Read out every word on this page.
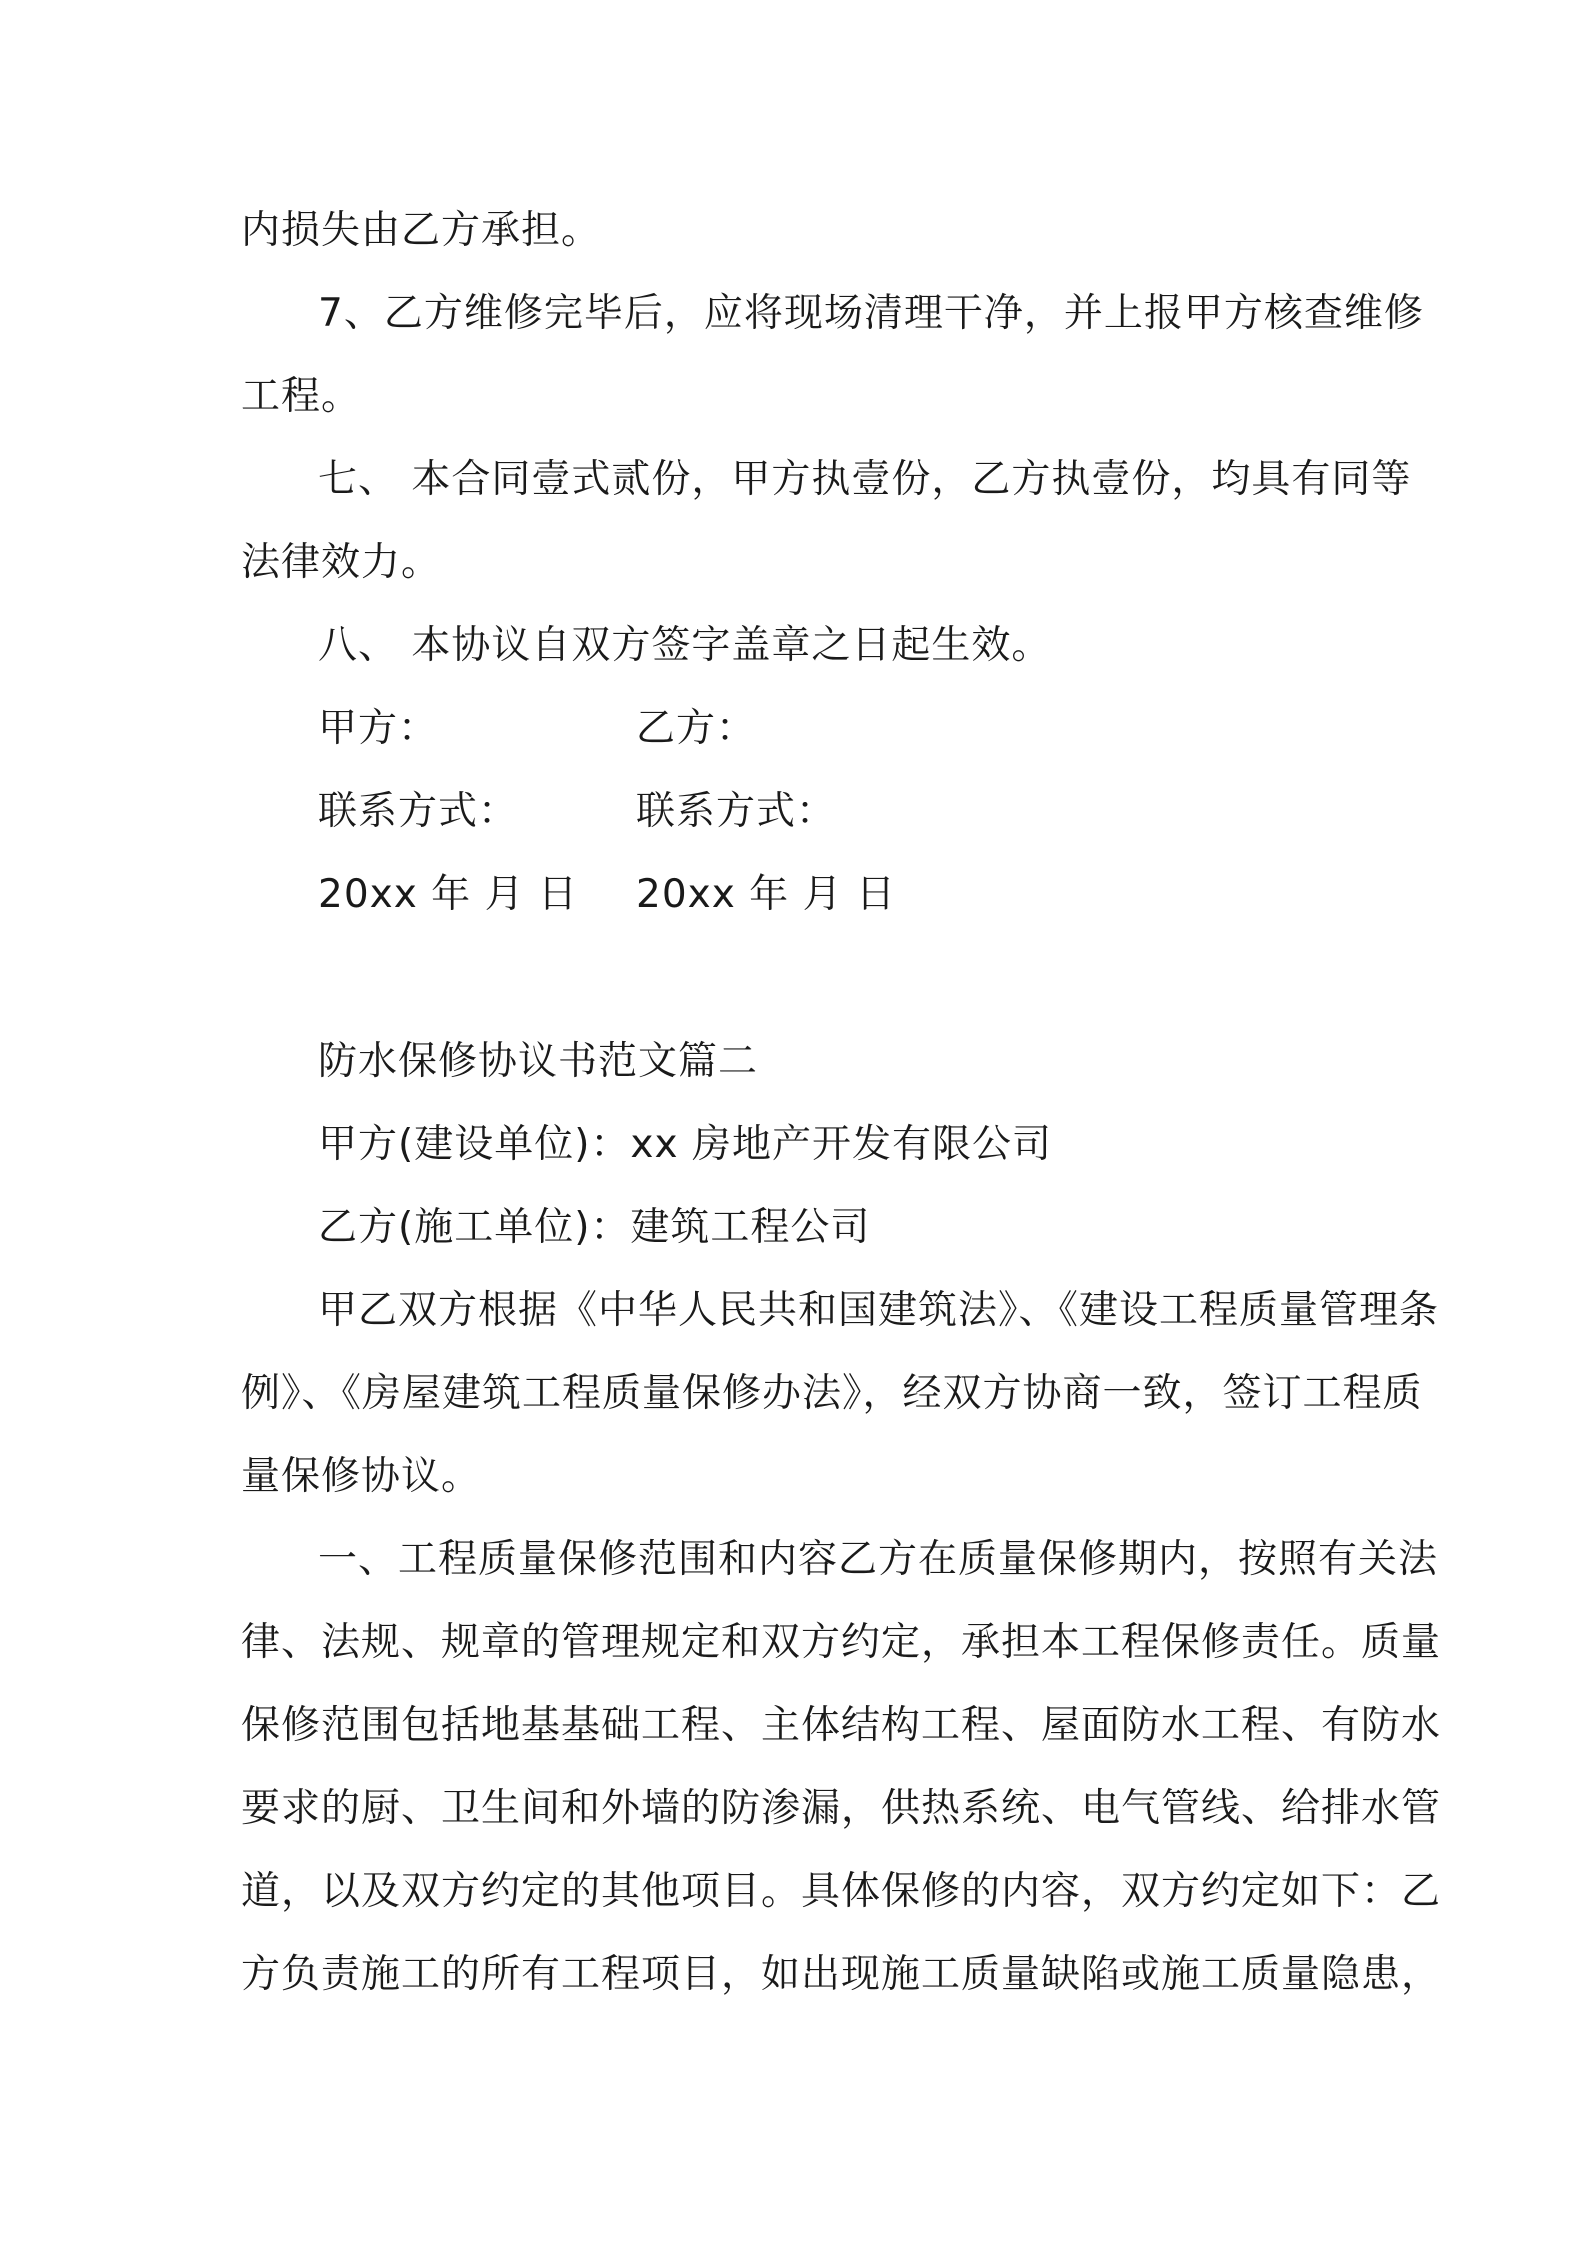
内损失由乙方承担。
7、乙方维修完毕后，应将现场清理干净，并上报甲方核查维修
工程。
七、 本合同壹式贰份，甲方执壹份，乙方执壹份，均具有同等
法律效力。
八、 本协议自双方签字盖章之日起生效。
甲方：	乙方：
联系方式：	联系方式：
20xx 年 月 日 20xx 年 月 日
防水保修协议书范文篇二
甲方(建设单位)：xx 房地产开发有限公司
乙方(施工单位)：建筑工程公司
甲乙双方根据《中华人民共和国建筑法》、《建设工程质量管理条
例》、《房屋建筑工程质量保修办法》，经双方协商一致，签订工程质
量保修协议。
一、工程质量保修范围和内容乙方在质量保修期内，按照有关法
律、法规、规章的管理规定和双方约定，承担本工程保修责任。质量
保修范围包括地基基础工程、主体结构工程、屋面防水工程、有防水
要求的厨、卫生间和外墙的防渗漏，供热系统、电气管线、给排水管
道，以及双方约定的其他项目。具体保修的内容，双方约定如下：乙
方负责施工的所有工程项目，如出现施工质量缺陷或施工质量隐患，
